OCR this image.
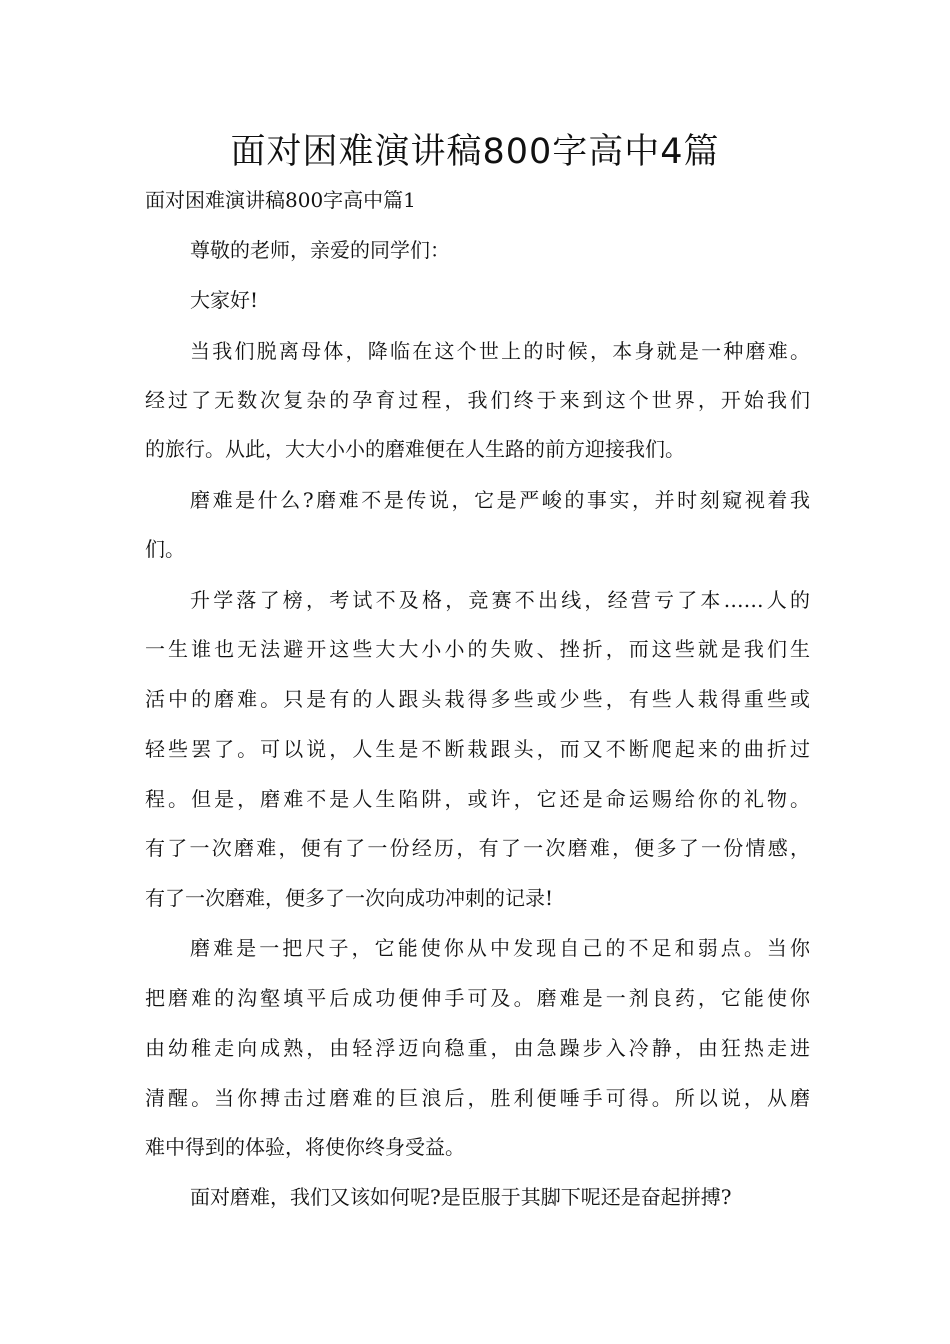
面对困难演讲稿800字高中4篇
面对困难演讲稿800字高中篇1

尊敬的老师，亲爱的同学们：

大家好!

当我们脱离母体，降临在这个世上的时候，本身就是一种磨难。

经过了无数次复杂的孕育过程，我们终于来到这个世界，开始我们

的旅行。从此，大大小小的磨难便在人生路的前方迎接我们。

磨难是什么?磨难不是传说，它是严峻的事实，并时刻窥视着我

们。

升学落了榜，考试不及格，竞赛不出线，经营亏了本……人的

一生谁也无法避开这些大大小小的失败、挫折，而这些就是我们生

活中的磨难。只是有的人跟头栽得多些或少些，有些人栽得重些或

轻些罢了。可以说，人生是不断栽跟头，而又不断爬起来的曲折过

程。但是，磨难不是人生陷阱，或许，它还是命运赐给你的礼物。

有了一次磨难，便有了一份经历，有了一次磨难，便多了一份情感，

有了一次磨难，便多了一次向成功冲刺的记录!

磨难是一把尺子，它能使你从中发现自己的不足和弱点。当你

把磨难的沟壑填平后成功便伸手可及。磨难是一剂良药，它能使你

由幼稚走向成熟，由轻浮迈向稳重，由急躁步入冷静，由狂热走进

清醒。当你搏击过磨难的巨浪后，胜利便唾手可得。所以说，从磨

难中得到的体验，将使你终身受益。

面对磨难，我们又该如何呢?是臣服于其脚下呢还是奋起拼搏?
